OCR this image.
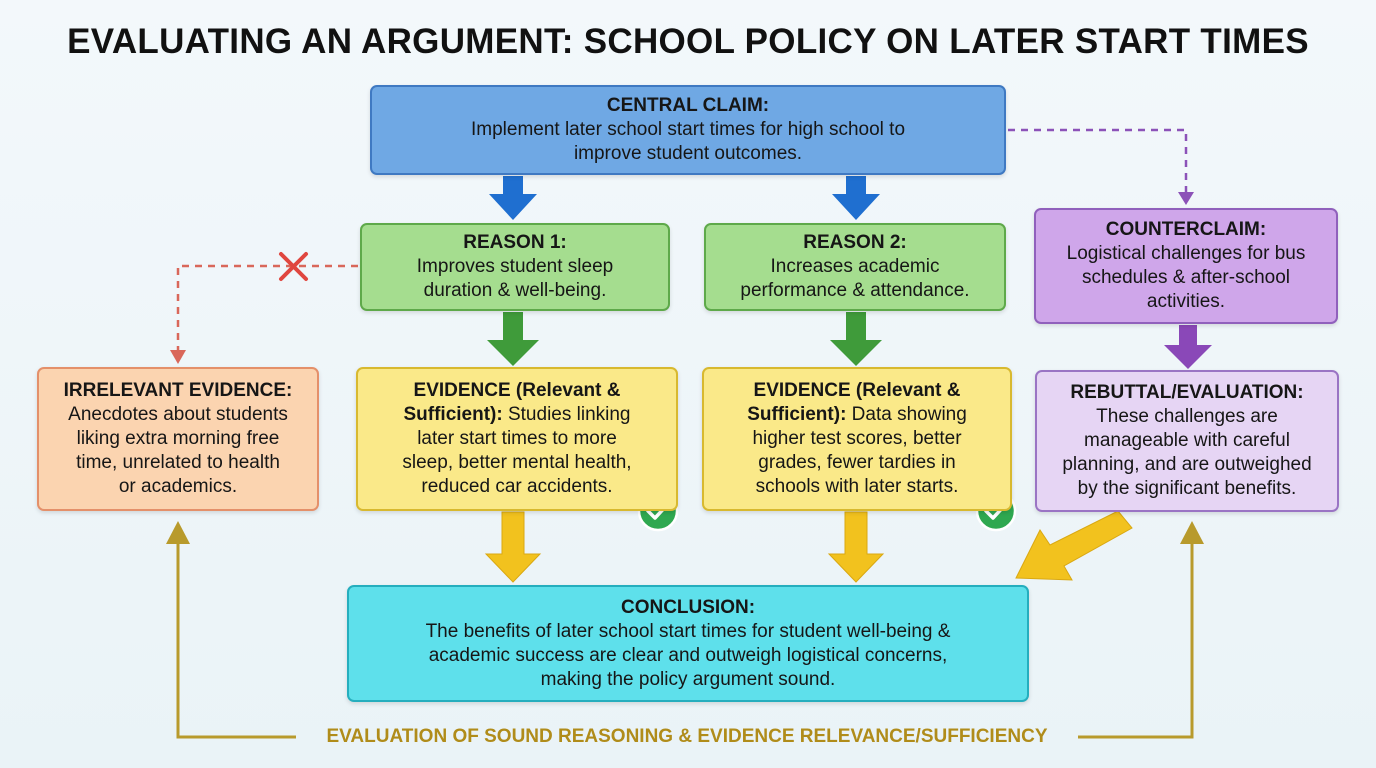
EVALUATING AN ARGUMENT: SCHOOL POLICY ON LATER START TIMES
CENTRAL CLAIM:
Implement later school start times for high school to
improve student outcomes.
REASON 1:
Improves student sleep
duration & well-being.
REASON 2:
Increases academic
performance & attendance.
COUNTERCLAIM:
Logistical challenges for bus
schedules & after-school
activities.
IRRELEVANT EVIDENCE:
Anecdotes about students
liking extra morning free
time, unrelated to health
or academics.
EVIDENCE (Relevant &
Sufficient): Studies linking
later start times to more
sleep, better mental health,
reduced car accidents.
EVIDENCE (Relevant &
Sufficient): Data showing
higher test scores, better
grades, fewer tardies in
schools with later starts.
REBUTTAL/EVALUATION:
These challenges are
manageable with careful
planning, and are outweighed
by the significant benefits.
CONCLUSION:
The benefits of later school start times for student well-being &
academic success are clear and outweigh logistical concerns,
making the policy argument sound.
EVALUATION OF SOUND REASONING & EVIDENCE RELEVANCE/SUFFICIENCY
